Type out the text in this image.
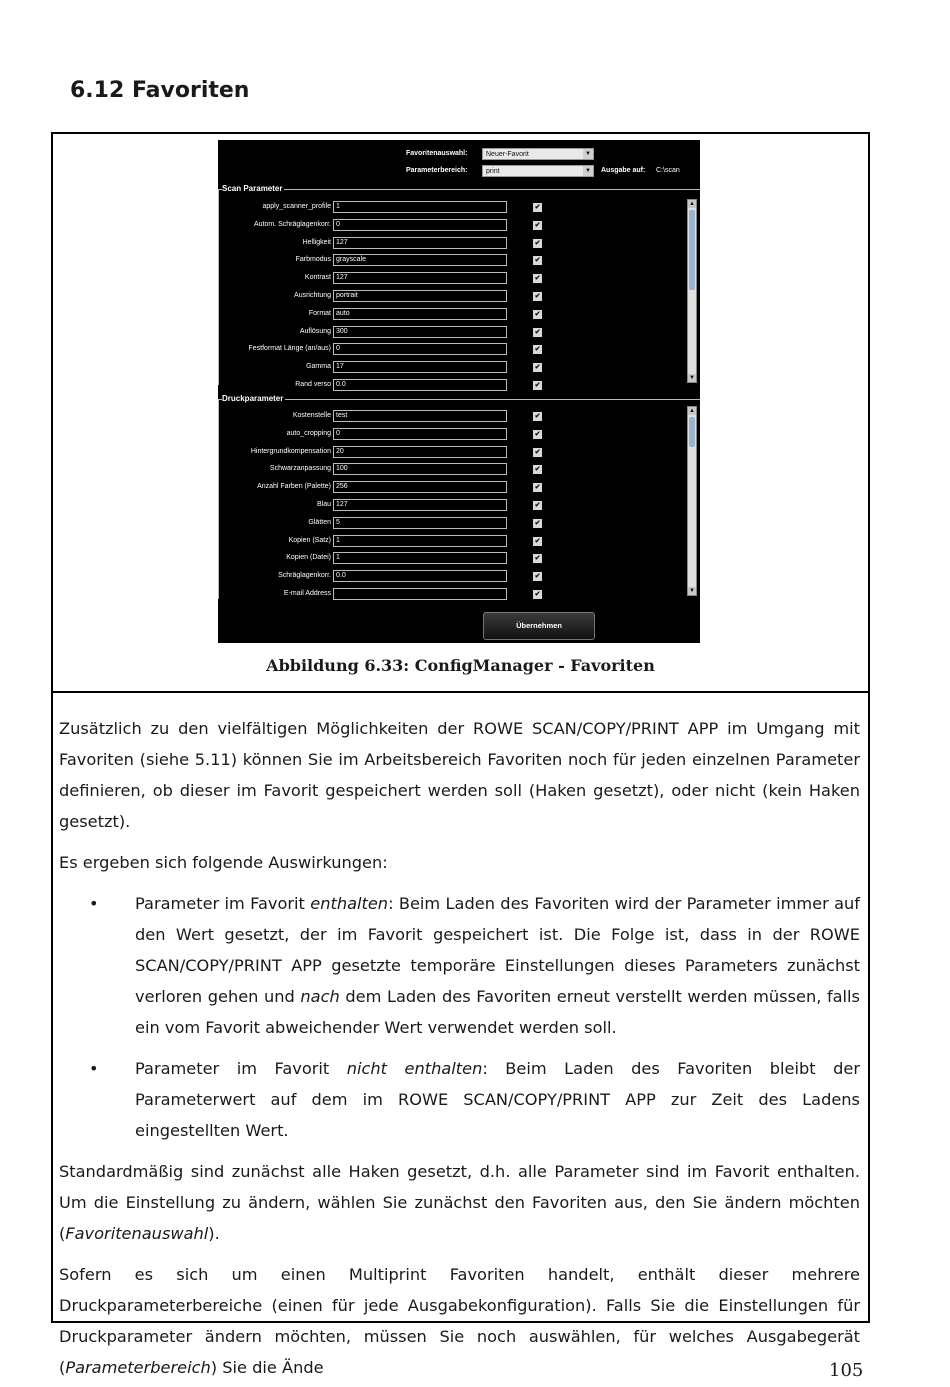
6.12 Favoriten
Favoritenauswahl:	Neuer-Favorit	▼
Parameterbereich:	print	▼ Ausgabe auf: C:\scan
Scan Parameter
apply_scanner_profile 1	✔
Autom. Schräglagenkorr. 0	✔
Helligkeit 127	✔
Farbmodus grayscale	✔
Kontrast 127	✔
Ausrichtung portrait	✔
Format auto	✔
Auflösung 300	✔
Festformat Länge (an/aus) 0	✔
Gamma 17	✔
Rand verso 0.0	✔
▲
▼
Druckparameter
Kostenstelle test	✔
auto_cropping 0	✔
Hintergrundkompensation 20	✔
Schwarzanpassung 100	✔
Anzahl Farben (Palette) 256	✔
Blau 127	✔
Glätten 5	✔
Kopien (Satz) 1	✔
Kopien (Datei) 1	✔
Schräglagenkorr. 0.0	✔
E-mail Address	✔
▲
▼
Übernehmen
Abbildung 6.33: ConfigManager - Favoriten

Zusätzlich zu den vielfältigen Möglichkeiten der ROWE SCAN/COPY/PRINT APP im Umgang mit Favoriten (siehe 5.11) können Sie im Arbeitsbereich Favoriten noch für jeden einzelnen Parameter definieren, ob dieser im Favorit gespeichert werden soll (Haken gesetzt), oder nicht (kein Haken gesetzt).

Es ergeben sich folgende Auswirkungen:

• Parameter im Favorit enthalten: Beim Laden des Favoriten wird der Parameter immer auf den Wert gesetzt, der im Favorit gespeichert ist. Die Folge ist, dass in der ROWE SCAN/COPY/PRINT APP gesetzte temporäre Einstellungen dieses Parameters zunächst verloren gehen und nach dem Laden des Favoriten erneut verstellt werden müssen, falls ein vom Favorit abweichender Wert verwendet werden soll.
• Parameter im Favorit nicht enthalten: Beim Laden des Favoriten bleibt der Parameterwert auf dem im ROWE SCAN/COPY/PRINT APP zur Zeit des Ladens eingestellten Wert.

Standardmäßig sind zunächst alle Haken gesetzt, d.h. alle Parameter sind im Favorit enthalten. Um die Einstellung zu ändern, wählen Sie zunächst den Favoriten aus, den Sie ändern möchten (Favoritenauswahl).

Sofern es sich um einen Multiprint Favoriten handelt, enthält dieser mehrere Druckparameterbereiche (einen für jede Ausgabekonfiguration). Falls Sie die Einstellungen für Druckparameter ändern möchten, müssen Sie noch auswählen, für welches Ausgabegerät (Parameterbereich) Sie die Ände	105
